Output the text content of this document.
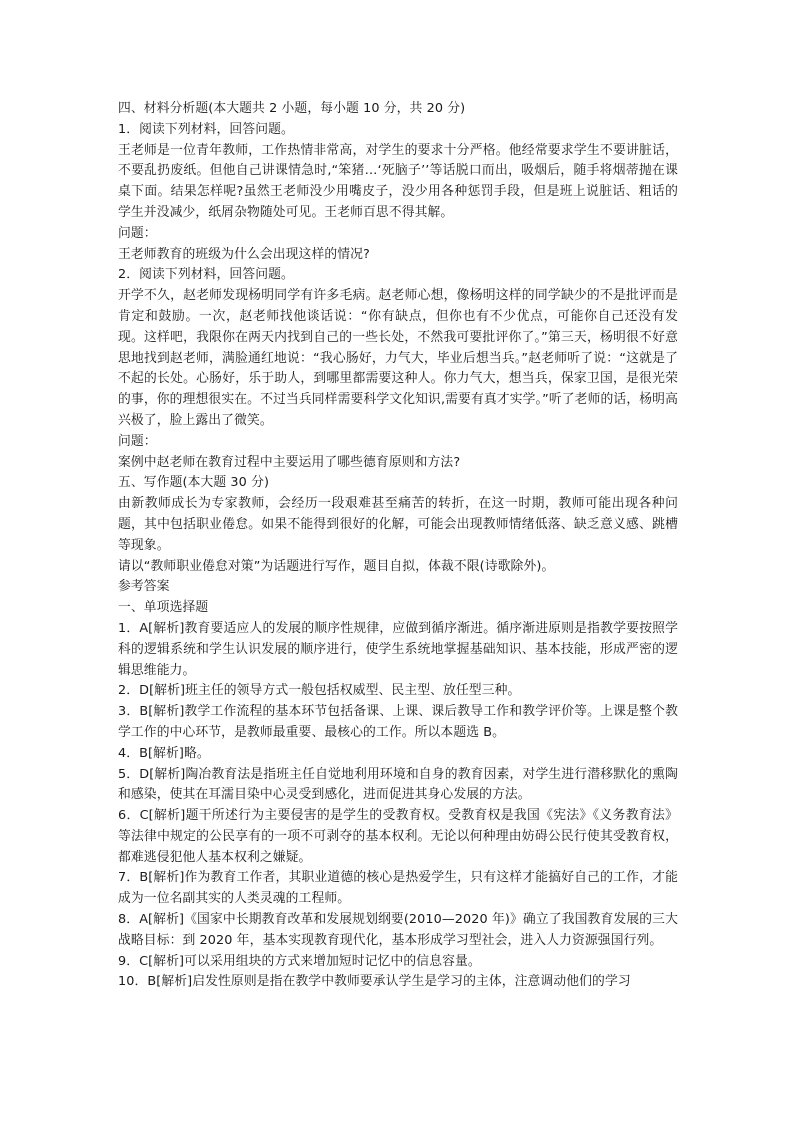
四、材料分析题(本大题共 2 小题，每小题 10 分，共 20 分)

1．阅读下列材料，回答问题。

王老师是一位青年教师，工作热情非常高，对学生的要求十分严格。他经常要求学生不要讲脏话，不要乱扔废纸。但他自己讲课情急时,“笨猪…‘死脑子’’等话脱口而出，吸烟后，随手将烟蒂抛在课桌下面。结果怎样呢?虽然王老师没少用嘴皮子，没少用各种惩罚手段，但是班上说脏话、粗话的学生并没减少，纸屑杂物随处可见。王老师百思不得其解。

问题：

王老师教育的班级为什么会出现这样的情况?

2．阅读下列材料，回答问题。

开学不久，赵老师发现杨明同学有许多毛病。赵老师心想，像杨明这样的同学缺少的不是批评而是肯定和鼓励。一次，赵老师找他谈话说：“你有缺点，但你也有不少优点，可能你自己还没有发现。这样吧，我限你在两天内找到自己的一些长处，不然我可要批评你了。”第三天，杨明很不好意思地找到赵老师，满脸通红地说：“我心肠好，力气大，毕业后想当兵。”赵老师听了说：“这就是了不起的长处。心肠好，乐于助人，到哪里都需要这种人。你力气大，想当兵，保家卫国，是很光荣的事，你的理想很实在。不过当兵同样需要科学文化知识,需要有真才实学。”听了老师的话，杨明高兴极了，脸上露出了微笑。

问题：

案例中赵老师在教育过程中主要运用了哪些德育原则和方法?

五、写作题(本大题 30 分)

由新教师成长为专家教师，会经历一段艰难甚至痛苦的转折，在这一时期，教师可能出现各种问题，其中包括职业倦怠。如果不能得到很好的化解，可能会出现教师情绪低落、缺乏意义感、跳槽等现象。

请以“教师职业倦怠对策”为话题进行写作，题目自拟，体裁不限(诗歌除外)。

参考答案

一、单项选择题

1．A[解析]教育要适应人的发展的顺序性规律，应做到循序渐进。循序渐进原则是指教学要按照学科的逻辑系统和学生认识发展的顺序进行，使学生系统地掌握基础知识、基本技能，形成严密的逻辑思维能力。

2．D[解析]班主任的领导方式一般包括权威型、民主型、放任型三种。

3．B[解析]教学工作流程的基本环节包括备课、上课、课后教导工作和教学评价等。上课是整个教学工作的中心环节，是教师最重要、最核心的工作。所以本题选 B。

4．B[解析]略。

5．D[解析]陶冶教育法是指班主任自觉地利用环境和自身的教育因素，对学生进行潜移默化的熏陶和感染，使其在耳濡目染中心灵受到感化，进而促进其身心发展的方法。

6．C[解析]题干所述行为主要侵害的是学生的受教育权。受教育权是我国《宪法》《义务教育法》等法律中规定的公民享有的一项不可剥夺的基本权利。无论以何种理由妨碍公民行使其受教育权，都难逃侵犯他人基本权利之嫌疑。

7．B[解析]作为教育工作者，其职业道德的核心是热爱学生，只有这样才能搞好自己的工作，才能成为一位名副其实的人类灵魂的工程师。

8．A[解析]《国家中长期教育改革和发展规划纲要(2010—2020 年)》确立了我国教育发展的三大战略目标：到 2020 年，基本实现教育现代化，基本形成学习型社会，进入人力资源强国行列。

9．C[解析]可以采用组块的方式来增加短时记忆中的信息容量。

10．B[解析]启发性原则是指在教学中教师要承认学生是学习的主体，注意调动他们的学习
